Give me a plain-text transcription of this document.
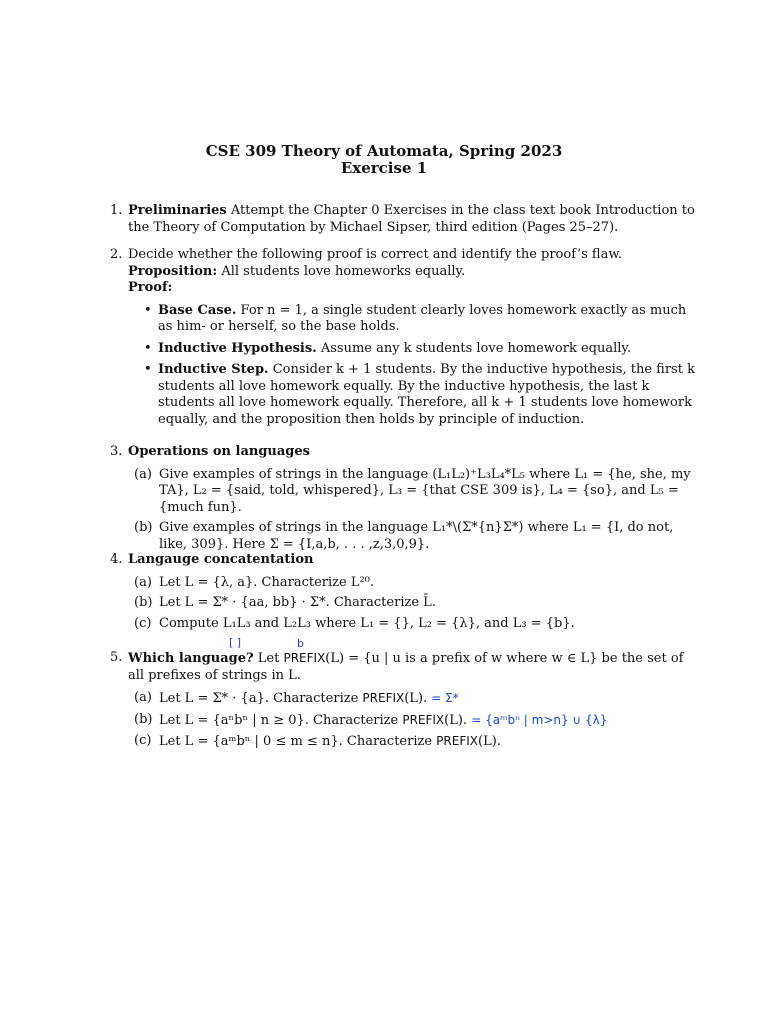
CSE 309 Theory of Automata, Spring 2023
Exercise 1
1. Preliminaries Attempt the Chapter 0 Exercises in the class text book Introduction to the Theory of Computation by Michael Sipser, third edition (Pages 25–27).
2. Decide whether the following proof is correct and identify the proof’s flaw.
Proposition: All students love homeworks equally.
Proof:
• Base Case. For n = 1, a single student clearly loves homework exactly as much as him- or herself, so the base holds.
• Inductive Hypothesis. Assume any k students love homework equally.
• Inductive Step. Consider k + 1 students. By the inductive hypothesis, the first k students all love homework equally. By the inductive hypothesis, the last k students all love homework equally. Therefore, all k + 1 students love homework equally, and the proposition then holds by principle of induction.
3. Operations on languages
(a) Give examples of strings in the language (L₁L₂)⁺L₃L₄*L₅ where L₁ = {he, she, my TA}, L₂ = {said, told, whispered}, L₃ = {that CSE 309 is}, L₄ = {so}, and L₅ = {much fun}.
(b) Give examples of strings in the language L₁*\(Σ*{n}Σ*) where L₁ = {I, do not, like, 309}. Here Σ = {I,a,b, . . . ,z,3,0,9}.
4. Langauge concatentation
(a) Let L = {λ, a}. Characterize L²⁰.
(b) Let L = Σ* · {aa, bb} · Σ*. Characterize L̄.
(c) Compute L₁L₃ and L₂L₃ where L₁ = {}, L₂ = {λ}, and L₃ = {b}.
[ ]	b
5. Which language? Let PREFIX(L) = {u | u is a prefix of w where w ∈ L} be the set of all prefixes of strings in L.
(a) Let L = Σ* · {a}. Characterize PREFIX(L). = Σ*
(b) Let L = {aⁿbⁿ | n ≥ 0}. Characterize PREFIX(L). = {aᵐbⁿ | m>n} ∪ {λ}
(c) Let L = {aᵐbⁿ | 0 ≤ m ≤ n}. Characterize PREFIX(L).
